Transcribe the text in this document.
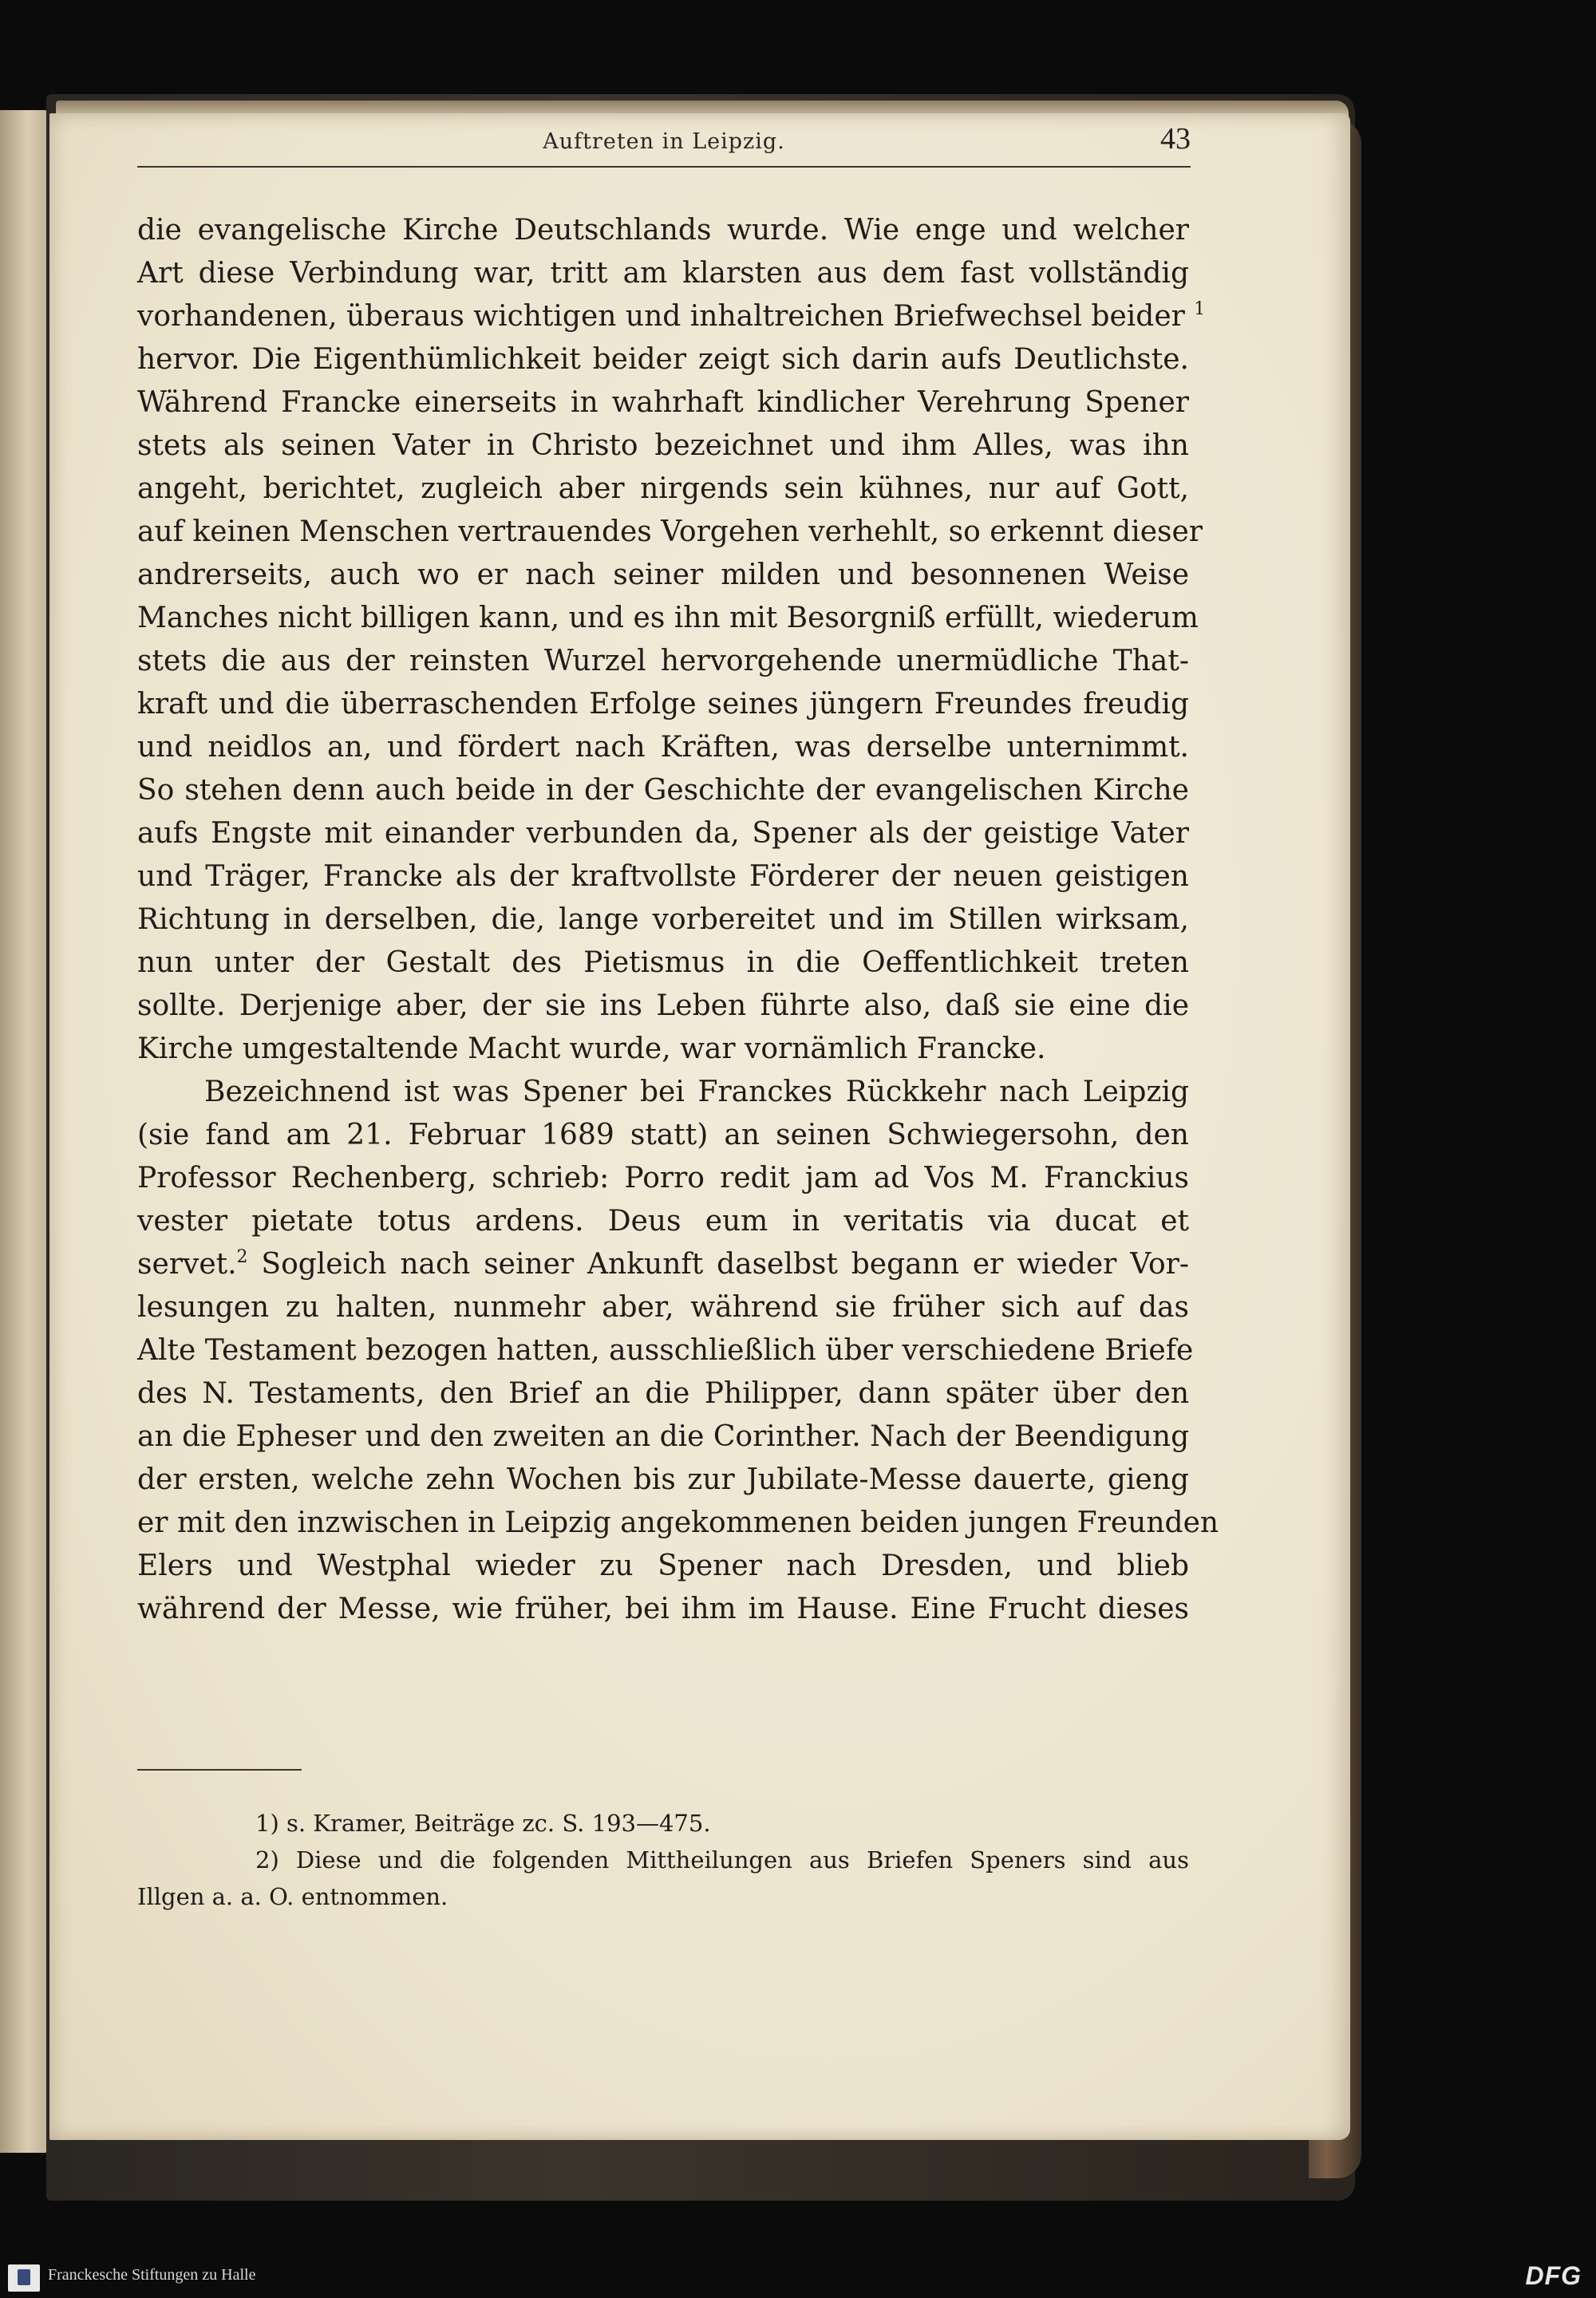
Auftreten in Leipzig.	43
die evangelische Kirche Deutschlands wurde. Wie enge und welcher
Art diese Verbindung war, tritt am klarsten aus dem fast vollständig
vorhandenen, überaus wichtigen und inhaltreichen Briefwechsel beider $^1$
hervor. Die Eigenthümlichkeit beider zeigt sich darin aufs Deutlichste.
Während Francke einerseits in wahrhaft kindlicher Verehrung Spener
stets als seinen Vater in Christo bezeichnet und ihm Alles, was ihn
angeht, berichtet, zugleich aber nirgends sein kühnes, nur auf Gott,
auf keinen Menschen vertrauendes Vorgehen verhehlt, so erkennt dieser
andrerseits, auch wo er nach seiner milden und besonnenen Weise
Manches nicht billigen kann, und es ihn mit Besorgniß erfüllt, wiederum
stets die aus der reinsten Wurzel hervorgehende unermüdliche That-
kraft und die überraschenden Erfolge seines jüngern Freundes freudig
und neidlos an, und fördert nach Kräften, was derselbe unternimmt.
So stehen denn auch beide in der Geschichte der evangelischen Kirche
aufs Engste mit einander verbunden da, Spener als der geistige Vater
und Träger, Francke als der kraftvollste Förderer der neuen geistigen
Richtung in derselben, die, lange vorbereitet und im Stillen wirksam,
nun unter der Gestalt des Pietismus in die Oeffentlichkeit treten
sollte. Derjenige aber, der sie ins Leben führte also, daß sie eine die
Kirche umgestaltende Macht wurde, war vornämlich Francke.
Bezeichnend ist was Spener bei Franckes Rückkehr nach Leipzig
(sie fand am 21. Februar 1689 statt) an seinen Schwiegersohn, den
Professor Rechenberg, schrieb: Porro redit jam ad Vos M. Franckius
vester pietate totus ardens. Deus eum in veritatis via ducat et
servet.$^2$ Sogleich nach seiner Ankunft daselbst begann er wieder Vor-
lesungen zu halten, nunmehr aber, während sie früher sich auf das
Alte Testament bezogen hatten, ausschließlich über verschiedene Briefe
des N. Testaments, den Brief an die Philipper, dann später über den
an die Epheser und den zweiten an die Corinther. Nach der Beendigung
der ersten, welche zehn Wochen bis zur Jubilate-Messe dauerte, gieng
er mit den inzwischen in Leipzig angekommenen beiden jungen Freunden
Elers und Westphal wieder zu Spener nach Dresden, und blieb
während der Messe, wie früher, bei ihm im Hause. Eine Frucht dieses
1) s. Kramer, Beiträge zc. S. 193—475.
2) Diese und die folgenden Mittheilungen aus Briefen Speners sind aus
Illgen a. a. O. entnommen.
Franckesche Stiftungen zu Halle	DFG
